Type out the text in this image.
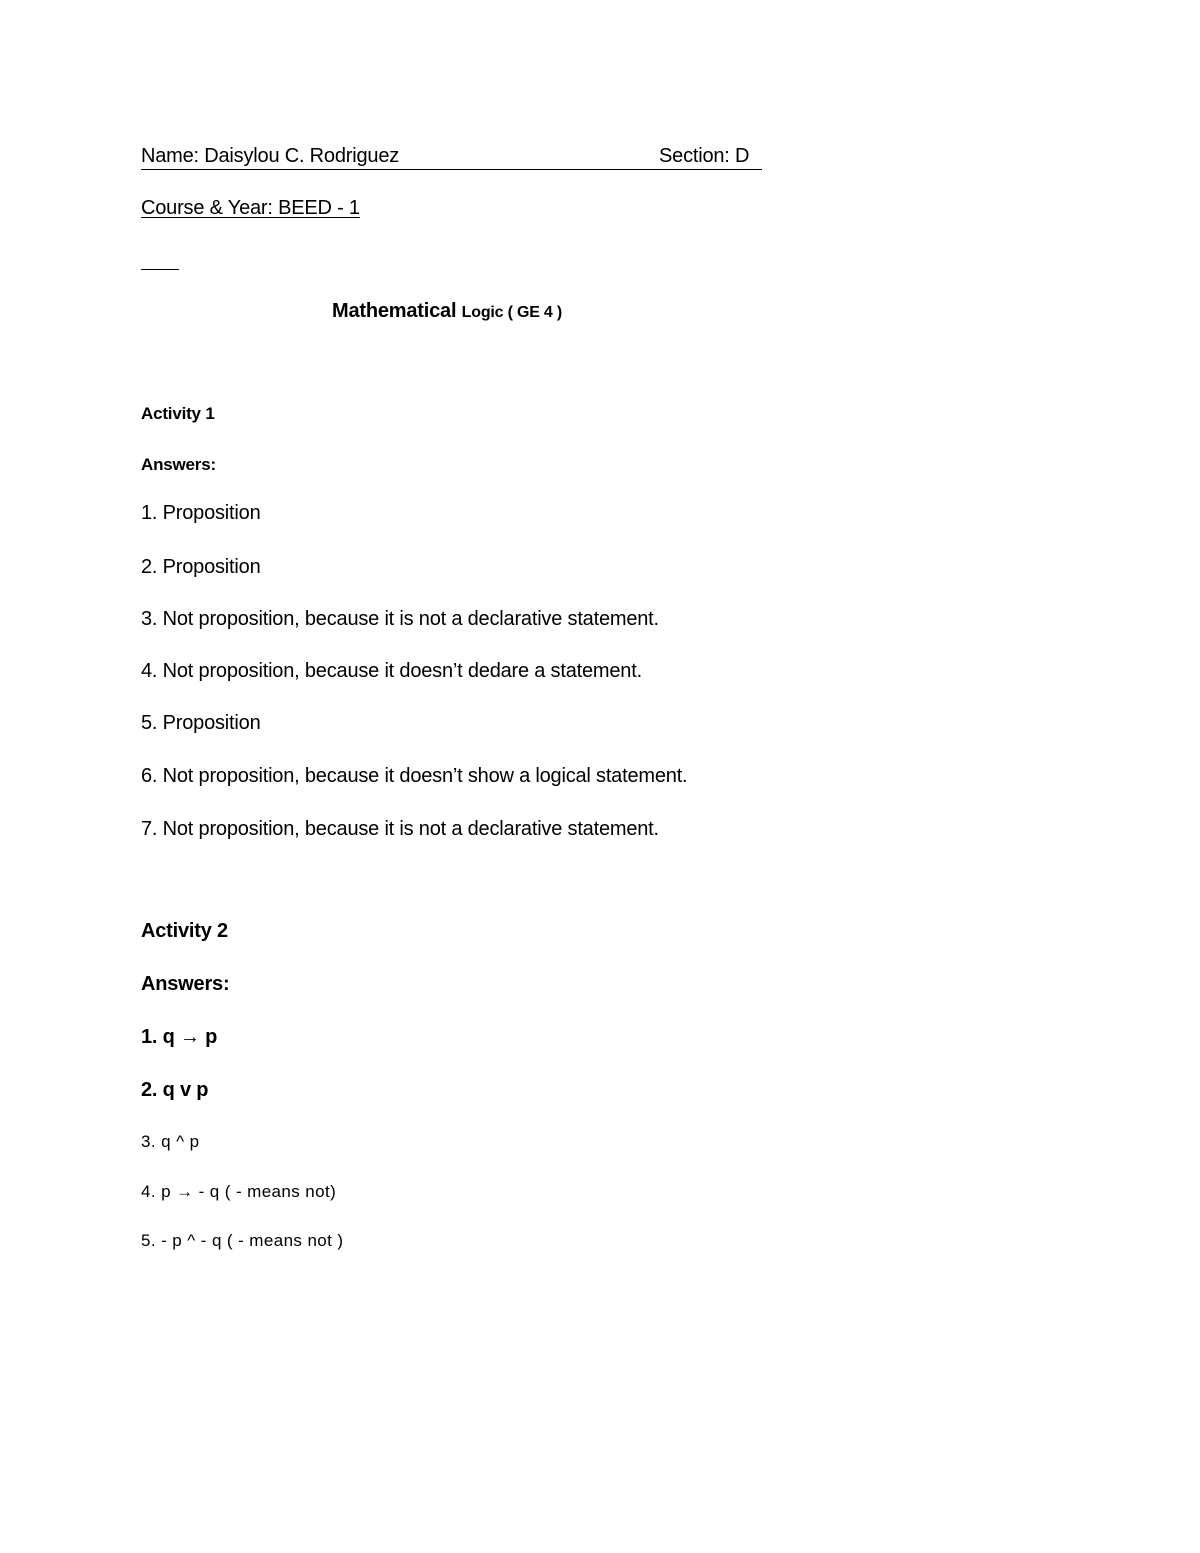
Name: Daisylou C. Rodriguez	Section: D
Course & Year: BEED - 1
Mathematical Logic ( GE 4 )
Activity 1
Answers:
1. Proposition
2. Proposition
3. Not proposition, because it is not a declarative statement.
4. Not proposition, because it doesn’t dedare a statement.
5. Proposition
6. Not proposition, because it doesn’t show a logical statement.
7. Not proposition, because it is not a declarative statement.
Activity 2
Answers:
1. q → p
2. q v p
3. q ^ p
4. p → - q ( - means not)
5. - p ^ - q ( - means not )
